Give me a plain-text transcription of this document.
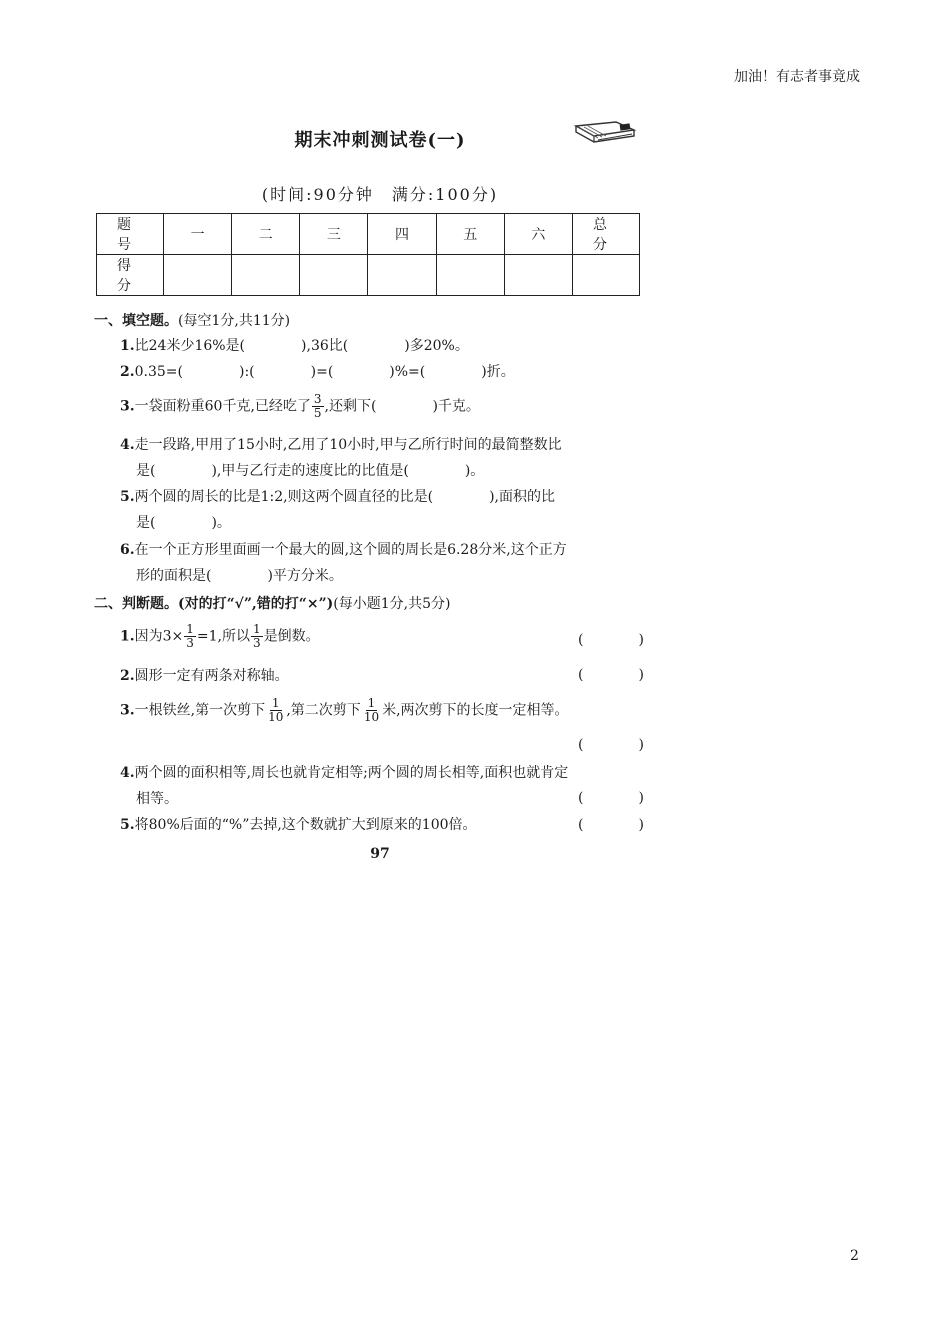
加油！有志者事竟成
期末冲刺测试卷(一)
(时间:90分钟　满分:100分)
题 号	一	二	三	四	五	六	总 分
得 分							
一、填空题。(每空1分,共11分)
1.比24米少16%是(	),36比(	)多20%。
2.0.35=(	):(	)=(	)%=(	)折。
3.一袋面粉重60千克,已经吃了 $\frac{3}{5}$ ,还剩下(	)千克。
4.走一段路,甲用了15小时,乙用了10小时,甲与乙所行时间的最简整数比
是(	),甲与乙行走的速度比的比值是(	)。
5.两个圆的周长的比是1:2,则这两个圆直径的比是(	),面积的比
是(	)。
6.在一个正方形里面画一个最大的圆,这个圆的周长是6.28分米,这个正方
形的面积是(	)平方分米。
二、判断题。(对的打“√”,错的打“×”)(每小题1分,共5分)
1.因为$3\times \frac{1}{3} =1$,所以 $\frac{1}{3}$ 是倒数。	(	)
2.圆形一定有两条对称轴。	(	)
3.一根铁丝,第一次剪下 $\frac{1}{10}$ ,第二次剪下 $\frac{1}{10}$ 米,两次剪下的长度一定相等。
(	)
4.两个圆的面积相等,周长也就肯定相等;两个圆的周长相等,面积也就肯定
相等。	(	)
5.将80%后面的“%”去掉,这个数就扩大到原来的100倍。	(	)
97
2
